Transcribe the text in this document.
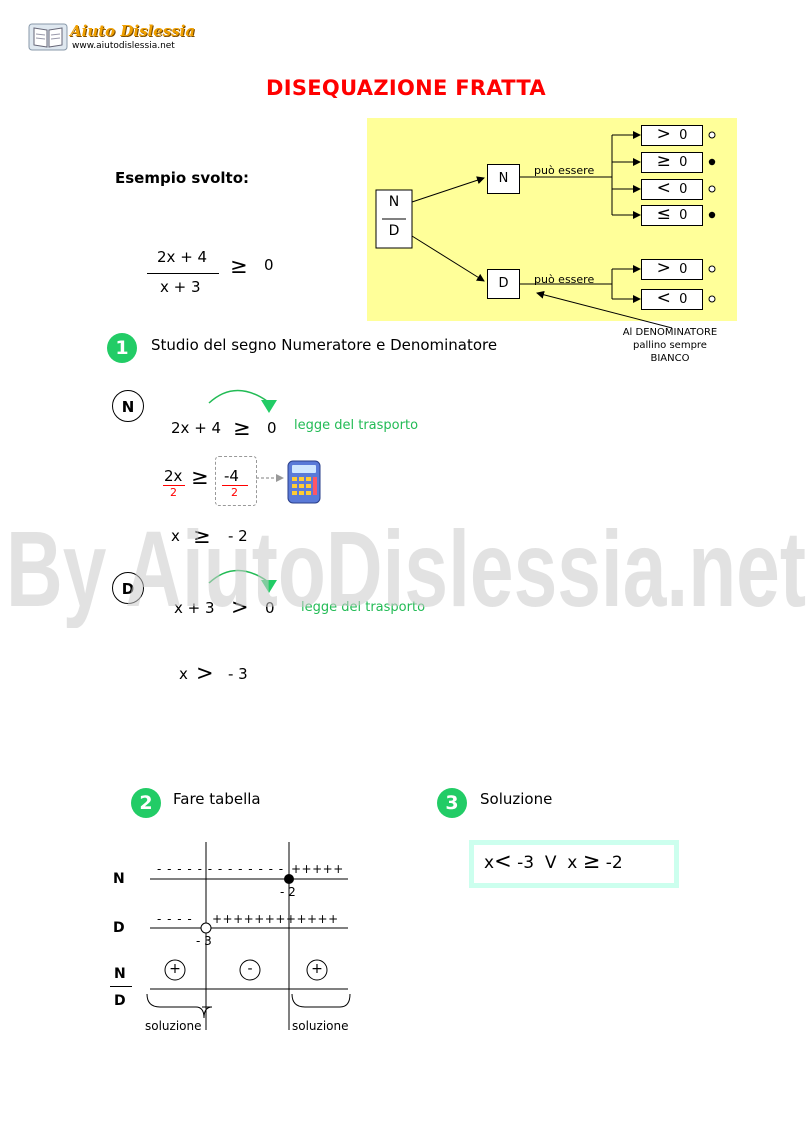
Aiuto Dislessia
www.aiutodislessia.net
DISEQUAZIONE FRATTA
Esempio svolto:
2x + 4
x + 3
≥ 0
N
D
N
D
può essere
può essere
> 0
≥ 0
< 0
≤ 0
> 0
< 0
Al DENOMINATORE
pallino sempre
BIANCO
1	Studio del segno Numeratore e Denominatore
N
2x + 4 ≥ 0 legge del trasporto
2x
2
≥ -4
2
x ≥ - 2
D
x + 3 > 0 legge del trasporto
x > - 3
By AiutoDislessia.net
2	Fare tabella
N
D
N
D
- - - - - - - - - - - - - +++++
- - - - ++++++++++++
- 2
- 3
+	-	+
soluzione	soluzione
3	Soluzione
x< -3 V x ≥ -2
